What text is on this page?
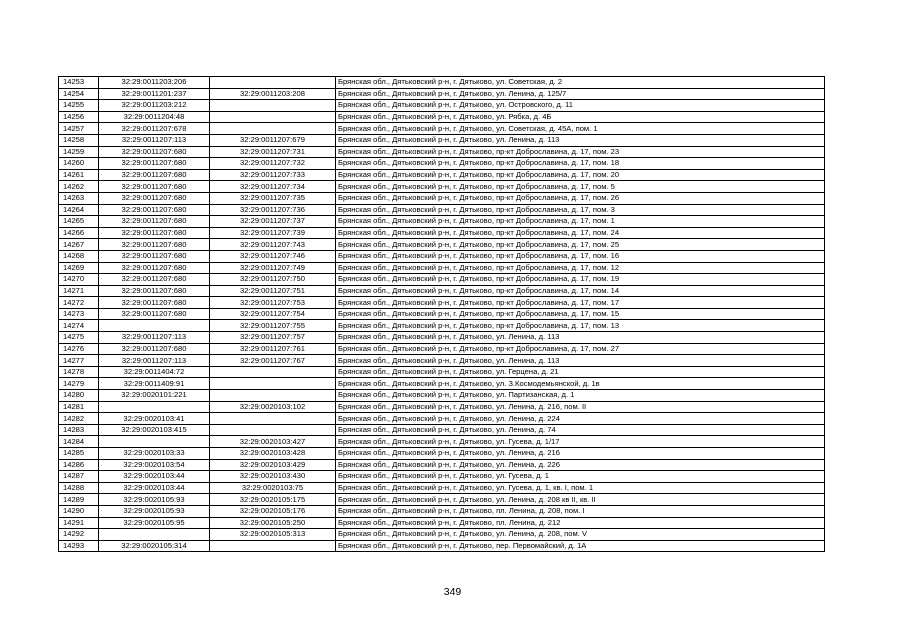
14253	32:29:0011203:206		Брянская обл., Дятьковский р-н, г. Дятьково, ул. Советская, д. 2
14254	32:29:0011201:237	32:29:0011203:208	Брянская обл., Дятьковский р-н, г. Дятьково, ул. Ленина, д. 125/7
14255	32:29:0011203:212		Брянская обл., Дятьковский р-н, г. Дятьково, ул. Островского, д. 11
14256	32:29:0011204:48		Брянская обл., Дятьковский р-н, г. Дятьково, ул. Рябка, д. 4Б
14257	32:29:0011207:678		Брянская обл., Дятьковский р-н, г. Дятьково, ул. Советская, д. 45А, пом. 1
14258	32:29:0011207:113	32:29:0011207:679	Брянская обл., Дятьковский р-н, г. Дятьково, ул. Ленина, д. 113
14259	32:29:0011207:680	32:29:0011207:731	Брянская обл., Дятьковский р-н, г. Дятьково, пр-кт Доброславина, д. 17, пом. 23
14260	32:29:0011207:680	32:29:0011207:732	Брянская обл., Дятьковский р-н, г. Дятьково, пр-кт Доброславина, д. 17, пом. 18
14261	32:29:0011207:680	32:29:0011207:733	Брянская обл., Дятьковский р-н, г. Дятьково, пр-кт Доброславина, д. 17, пом. 20
14262	32:29:0011207:680	32:29:0011207:734	Брянская обл., Дятьковский р-н, г. Дятьково, пр-кт Доброславина, д. 17, пом. 5
14263	32:29:0011207:680	32:29:0011207:735	Брянская обл., Дятьковский р-н, г. Дятьково, пр-кт Доброславина, д. 17, пом. 26
14264	32:29:0011207:680	32:29:0011207:736	Брянская обл., Дятьковский р-н, г. Дятьково, пр-кт Доброславина, д. 17, пом. 3
14265	32:29:0011207:680	32:29:0011207:737	Брянская обл., Дятьковский р-н, г. Дятьково, пр-кт Доброславина, д. 17, пом. 1
14266	32:29:0011207:680	32:29:0011207:739	Брянская обл., Дятьковский р-н, г. Дятьково, пр-кт Доброславина, д. 17, пом. 24
14267	32:29:0011207:680	32:29:0011207:743	Брянская обл., Дятьковский р-н, г. Дятьково, пр-кт Доброславина, д. 17, пом. 25
14268	32:29:0011207:680	32:29:0011207:746	Брянская обл., Дятьковский р-н, г. Дятьково, пр-кт Доброславина, д. 17, пом. 16
14269	32:29:0011207:680	32:29:0011207:749	Брянская обл., Дятьковский р-н, г. Дятьково, пр-кт Доброславина, д. 17, пом. 12
14270	32:29:0011207:680	32:29:0011207:750	Брянская обл., Дятьковский р-н, г. Дятьково, пр-кт Доброславина, д. 17, пом. 19
14271	32:29:0011207:680	32:29:0011207:751	Брянская обл., Дятьковский р-н, г. Дятьково, пр-кт Доброславина, д. 17, пом. 14
14272	32:29:0011207:680	32:29:0011207:753	Брянская обл., Дятьковский р-н, г. Дятьково, пр-кт Доброславина, д. 17, пом. 17
14273	32:29:0011207:680	32:29:0011207:754	Брянская обл., Дятьковский р-н, г. Дятьково, пр-кт Доброславина, д. 17, пом. 15
14274		32:29:0011207:755	Брянская обл., Дятьковский р-н, г. Дятьково, пр-кт Доброславина, д. 17, пом. 13
14275	32:29:0011207:113	32:29:0011207:757	Брянская обл., Дятьковский р-н, г. Дятьково, ул. Ленина, д. 113
14276	32:29:0011207:680	32:29:0011207:761	Брянская обл., Дятьковский р-н, г. Дятьково, пр-кт Доброславина, д. 17, пом. 27
14277	32:29:0011207:113	32:29:0011207:767	Брянская обл., Дятьковский р-н, г. Дятьково, ул. Ленина, д. 113
14278	32:29:0011404:72		Брянская обл., Дятьковский р-н, г. Дятьково, ул. Герцена, д. 21
14279	32:29:0011409:91		Брянская обл., Дятьковский р-н, г. Дятьково, ул. З.Космодемьянской, д. 1в
14280	32:29:0020101:221		Брянская обл., Дятьковский р-н, г. Дятьково, ул. Партизанская, д. 1
14281		32:29:0020103:102	Брянская обл., Дятьковский р-н, г. Дятьково, ул. Ленина, д. 216, пом. II
14282	32:29:0020103:41		Брянская обл., Дятьковский р-н, г. Дятьково, ул. Ленина, д. 224
14283	32:29:0020103:415		Брянская обл., Дятьковский р-н, г. Дятьково, ул. Ленина, д. 74
14284		32:29:0020103:427	Брянская обл., Дятьковский р-н, г. Дятьково, ул. Гусева, д. 1/17
14285	32:29:0020103:33	32:29:0020103:428	Брянская обл., Дятьковский р-н, г. Дятьково, ул. Ленина, д. 216
14286	32:29:0020103:54	32:29:0020103:429	Брянская обл., Дятьковский р-н, г. Дятьково, ул. Ленина, д. 226
14287	32:29:0020103:44	32:29:0020103:430	Брянская обл., Дятьковский р-н, г. Дятьково, ул. Гусева, д. 1
14288	32:29:0020103:44	32:29:0020103:75	Брянская обл., Дятьковский р-н, г. Дятьково, ул. Гусева, д. 1, кв. I, пом. 1
14289	32:29:0020105:93	32:29:0020105:175	Брянская обл., Дятьковский р-н, г. Дятьково, ул. Ленина, д. 208 кв II, кв. II
14290	32:29:0020105:93	32:29:0020105:176	Брянская обл., Дятьковский р-н, г. Дятьково, пл. Ленина, д. 208, пом. I
14291	32:29:0020105:95	32:29:0020105:250	Брянская обл., Дятьковский р-н, г. Дятьково, пл. Ленина, д. 212
14292		32:29:0020105:313	Брянская обл., Дятьковский р-н, г. Дятьково, ул. Ленина, д. 208, пом. V
14293	32:29:0020105:314		Брянская обл., Дятьковский р-н, г. Дятьково, пер. Первомайский, д. 1А
349
